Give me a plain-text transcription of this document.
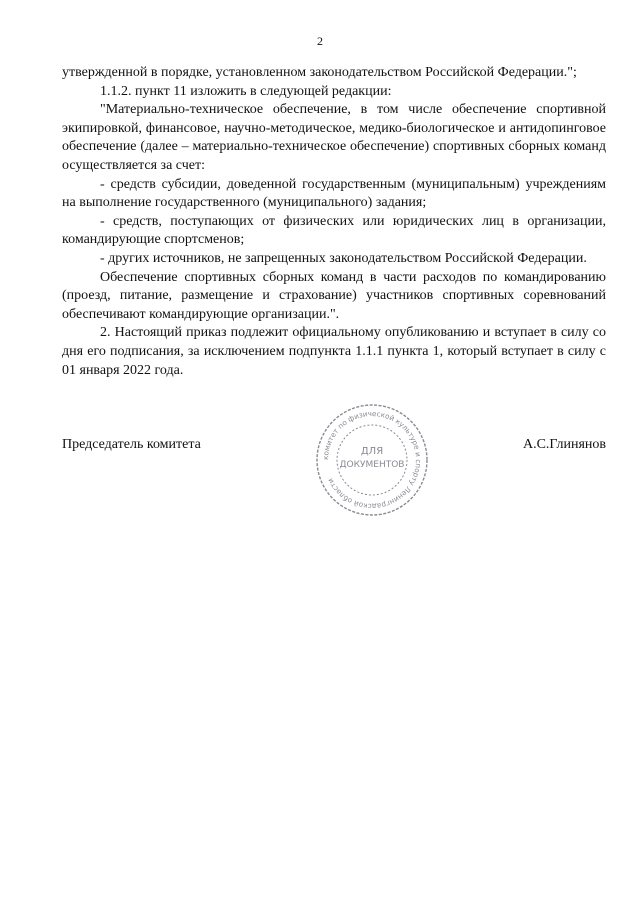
2

утвержденной в порядке, установленном законодательством Российской Федерации.";

1.1.2. пункт 11 изложить в следующей редакции:

"Материально-техническое обеспечение, в том числе обеспечение спортивной экипировкой, финансовое, научно-методическое, медико-биологическое и антидопинговое обеспечение (далее – материально-техническое обеспечение) спортивных сборных команд осуществляется за счет:

- средств субсидии, доведенной государственным (муниципальным) учреждениям на выполнение государственного (муниципального) задания;

- средств, поступающих от физических или юридических лиц в организации, командирующие спортсменов;

- других источников, не запрещенных законодательством Российской Федерации.

Обеспечение спортивных сборных команд в части расходов по командированию (проезд, питание, размещение и страхование) участников спортивных соревнований обеспечивают командирующие организации.".

2. Настоящий приказ подлежит официальному опубликованию и вступает в силу со дня его подписания, за исключением подпункта 1.1.1 пункта 1, который вступает в силу с 01 января 2022 года.

Председатель комитета	А.С.Глинянов
комитет по физической культуре и спорту Ленинградской области
ДЛЯ
ДОКУМЕНТОВ
